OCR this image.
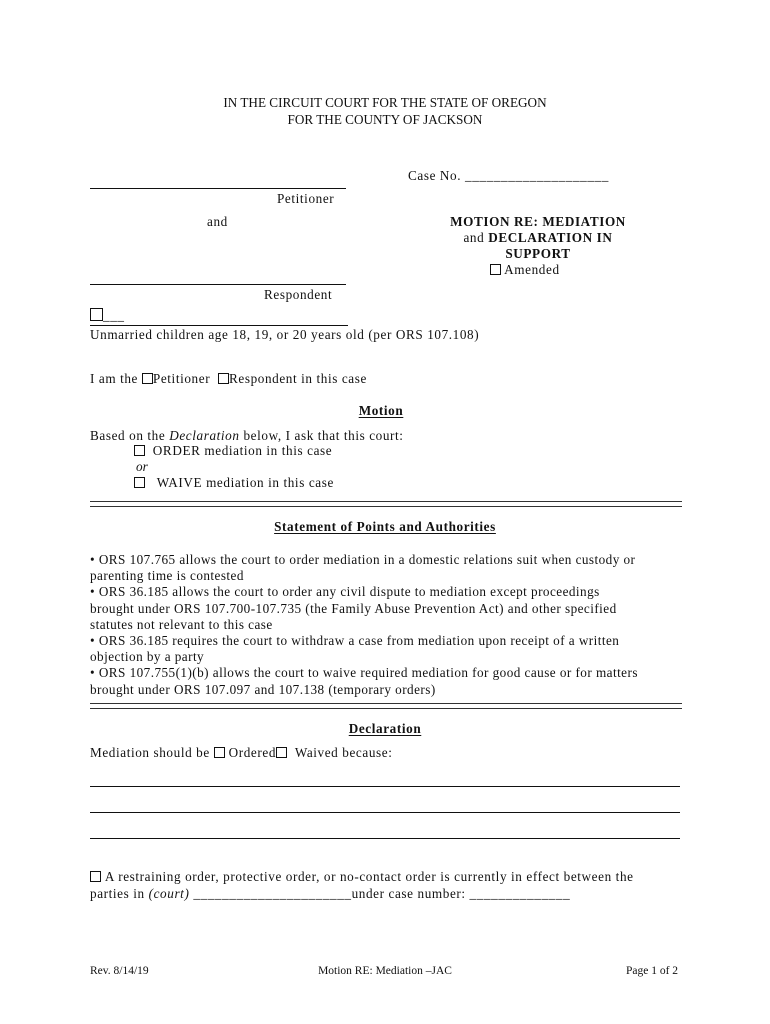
IN THE CIRCUIT COURT FOR THE STATE OF OREGON
FOR THE COUNTY OF JACKSON
Case No. ____________________
Petitioner
and	MOTION RE: MEDIATION
and DECLARATION IN
SUPPORT
Amended
Respondent
___
Unmarried children age 18, 19, or 20 years old (per ORS 107.108)
I am the Petitioner Respondent in this case
Motion
Based on the Declaration below, I ask that this court:
ORDER mediation in this case
or
WAIVE mediation in this case
Statement of Points and Authorities
• ORS 107.765 allows the court to order mediation in a domestic relations suit when custody or
parenting time is contested
• ORS 36.185 allows the court to order any civil dispute to mediation except proceedings
brought under ORS 107.700-107.735 (the Family Abuse Prevention Act) and other specified
statutes not relevant to this case
• ORS 36.185 requires the court to withdraw a case from mediation upon receipt of a written
objection by a party
• ORS 107.755(1)(b) allows the court to waive required mediation for good cause or for matters
brought under ORS 107.097 and 107.138 (temporary orders)
Declaration
Mediation should be  Ordered Waived because:
A restraining order, protective order, or no-contact order is currently in effect between the
parties in (court) ______________________under case number: ______________
Rev. 8/14/19	Motion RE: Mediation –JAC	Page 1 of 2
